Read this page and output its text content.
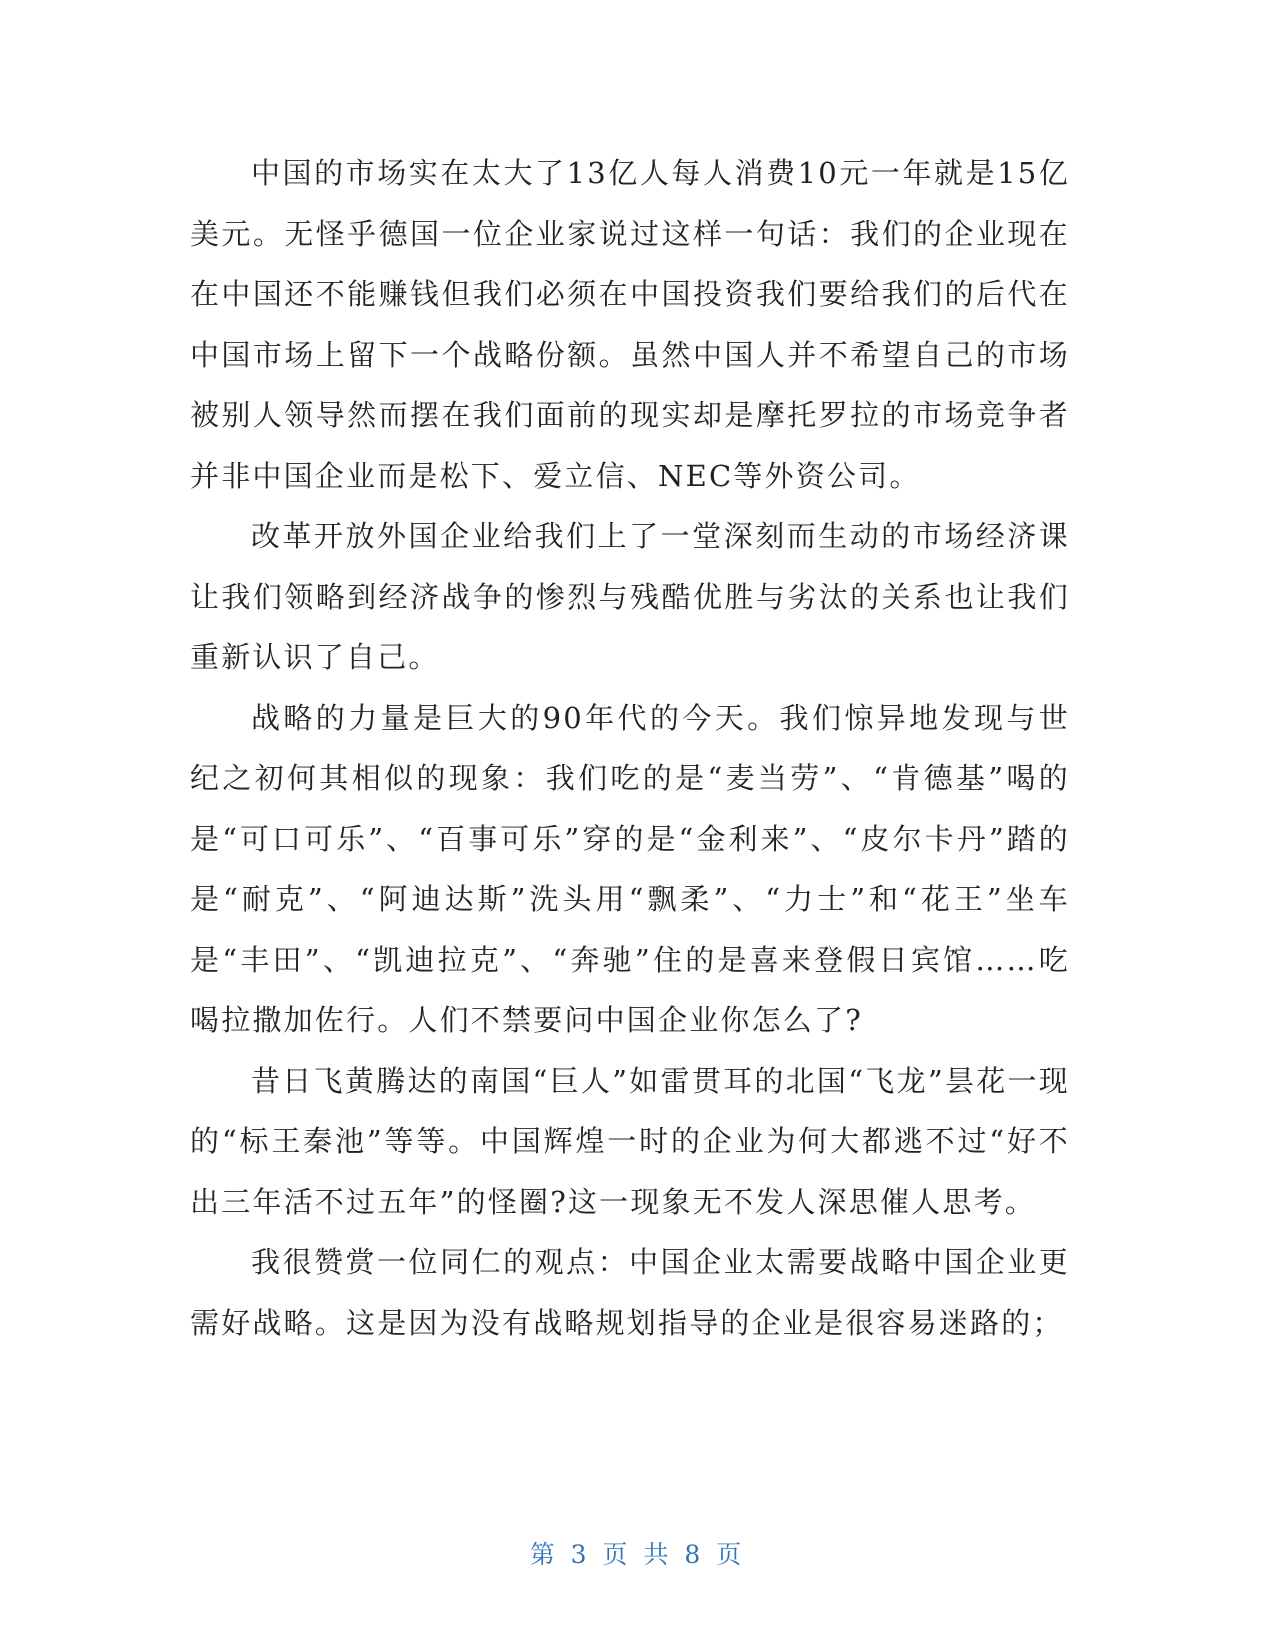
中国的市场实在太大了13亿人每人消费10元一年就是15亿美元。无怪乎德国一位企业家说过这样一句话：我们的企业现在在中国还不能赚钱但我们必须在中国投资我们要给我们的后代在中国市场上留下一个战略份额。虽然中国人并不希望自己的市场被别人领导然而摆在我们面前的现实却是摩托罗拉的市场竞争者并非中国企业而是松下、爱立信、NEC等外资公司。

改革开放外国企业给我们上了一堂深刻而生动的市场经济课让我们领略到经济战争的惨烈与残酷优胜与劣汰的关系也让我们重新认识了自己。

战略的力量是巨大的90年代的今天。我们惊异地发现与世纪之初何其相似的现象：我们吃的是“麦当劳”、“肯德基”喝的是“可口可乐”、“百事可乐”穿的是“金利来”、“皮尔卡丹”踏的是“耐克”、“阿迪达斯”洗头用“飘柔”、“力士”和“花王”坐车是“丰田”、“凯迪拉克”、“奔驰”住的是喜来登假日宾馆……吃喝拉撒加佐行。人们不禁要问中国企业你怎么了?

昔日飞黄腾达的南国“巨人”如雷贯耳的北国“飞龙”昙花一现的“标王秦池”等等。中国辉煌一时的企业为何大都逃不过“好不出三年活不过五年”的怪圈?这一现象无不发人深思催人思考。

我很赞赏一位同仁的观点：中国企业太需要战略中国企业更需好战略。这是因为没有战略规划指导的企业是很容易迷路的；

第 3 页 共 8 页
